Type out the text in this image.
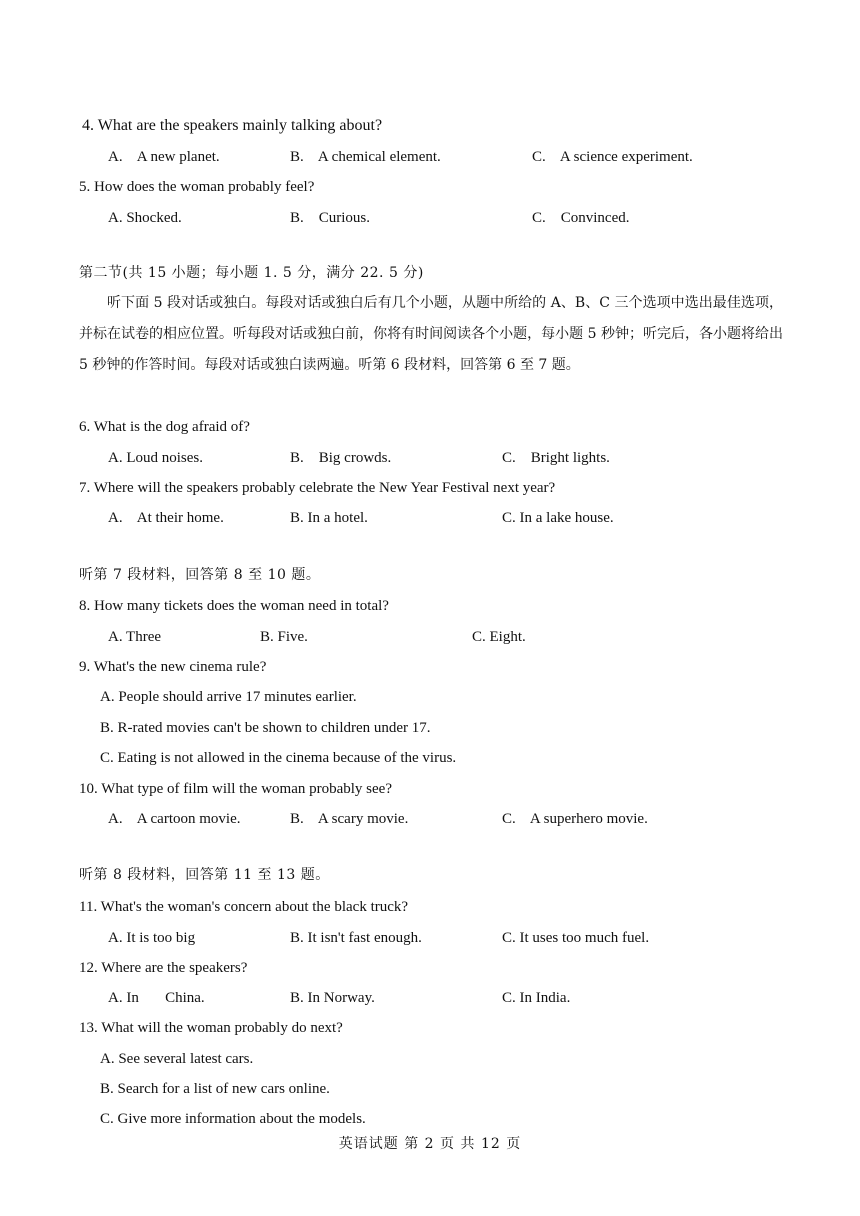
4. What are the speakers mainly talking about?
A.    A new planet.	B.    A chemical element.	C.    A science experiment.
5. How does the woman probably feel?
A. Shocked.	B.    Curious.	C.    Convinced.
第二节(共 15 小题；每小题 1. 5 分，满分 22. 5 分)
听下面 5 段对话或独白。每段对话或独白后有几个小题，从题中所给的 A、B、C 三个选项中选出最佳选项，并标在试卷的相应位置。听每段对话或独白前，你将有时间阅读各个小题，每小题 5 秒钟；听完后，各小题将给出 5 秒钟的作答时间。每段对话或独白读两遍。听第 6 段材料，回答第 6 至 7 题。
6. What is the dog afraid of?
A. Loud noises.	B.    Big crowds.	C.    Bright lights.
7. Where will the speakers probably celebrate the New Year Festival next year?
A.    At their home.	B. In a hotel.	C. In a lake house.
听第 7 段材料，回答第 8 至 10 题。
8. How many tickets does the woman need in total?
A. Three	B. Five.	C. Eight.
9. What's the new cinema rule?
A. People should arrive 17 minutes earlier.
B. R-rated movies can't be shown to children under 17.
C. Eating is not allowed in the cinema because of the virus.
10. What type of film will the woman probably see?
A.    A cartoon movie.	B.    A scary movie.	C.    A superhero movie.
听第 8 段材料，回答第 11 至 13 题。
11. What's the woman's concern about the black truck?
A. It is too big	B. It isn't fast enough.	C. It uses too much fuel.
12. Where are the speakers?
A. In       China.	B. In Norway.	C. In India.
13. What will the woman probably do next?
A. See several latest cars.
B. Search for a list of new cars online.
C. Give more information about the models.
英语试题 第 2 页 共 12 页
